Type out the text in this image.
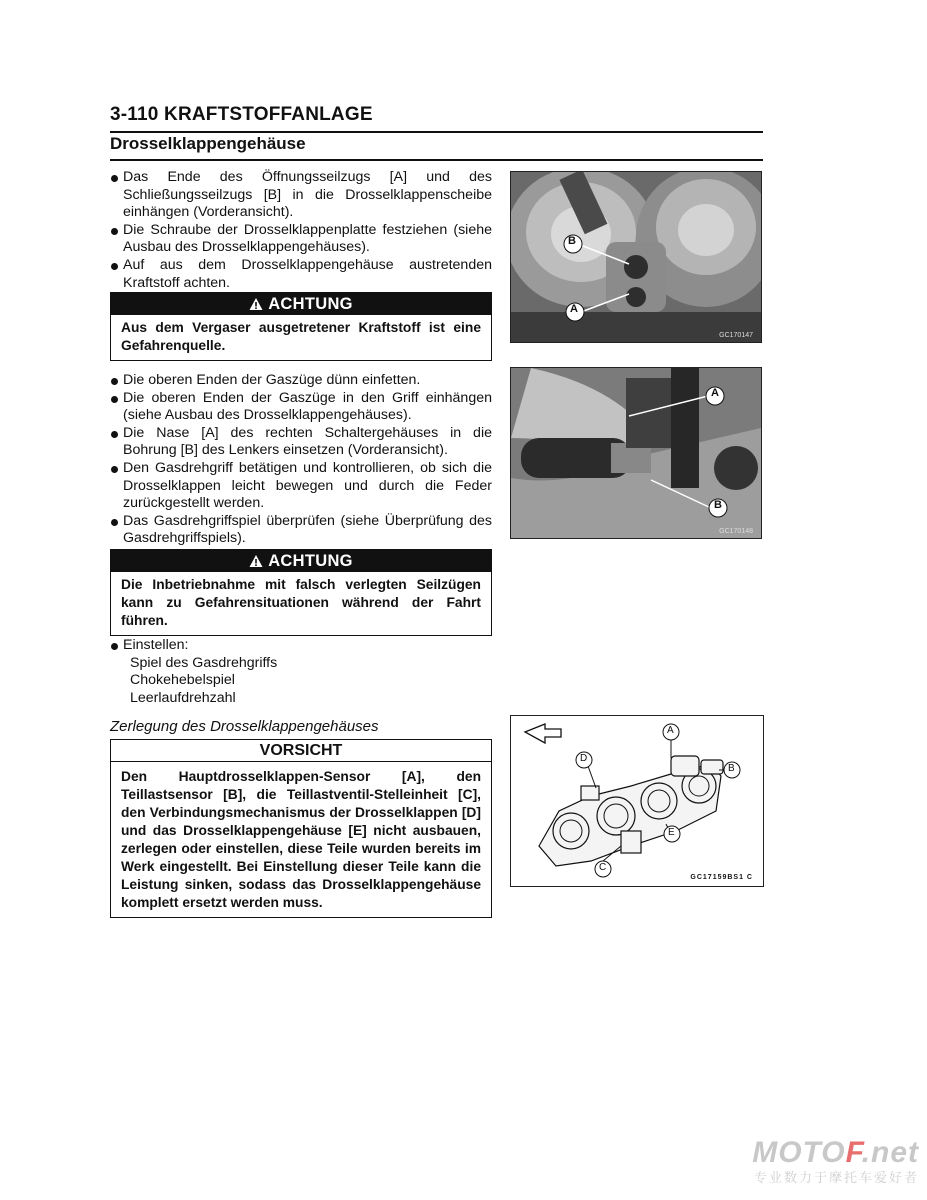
3-110 KRAFTSTOFFANLAGE
Drosselklappengehäuse

Das Ende des Öffnungsseilzugs [A] und des Schließungsseilzugs [B] in die Drosselklappenscheibe einhängen (Vorderansicht).

Die Schraube der Drosselklappenplatte festziehen (siehe Ausbau des Drosselklappengehäuses).

Auf aus dem Drosselklappengehäuse austretenden Kraftstoff achten.

ACHTUNG
Aus dem Vergaser ausgetretener Kraftstoff ist eine Gefahrenquelle.

Die oberen Enden der Gaszüge dünn einfetten.

Die oberen Enden der Gaszüge in den Griff einhängen (siehe Ausbau des Drosselklappengehäuses).

Die Nase [A] des rechten Schaltergehäuses in die Bohrung [B] des Lenkers einsetzen (Vorderansicht).

Den Gasdrehgriff betätigen und kontrollieren, ob sich die Drosselklappen leicht bewegen und durch die Feder zurückgestellt werden.

Das Gasdrehgriffspiel überprüfen (siehe Überprüfung des Gasdrehgriffspiels).

ACHTUNG
Die Inbetriebnahme mit falsch verlegten Seilzügen kann zu Gefahrensituationen während der Fahrt führen.

Einstellen:

Spiel des Gasdrehgriffs
Chokehebelspiel
Leerlaufdrehzahl
Zerlegung des Drosselklappengehäuses
VORSICHT
Den Hauptdrosselklappen-Sensor [A], den Teillastsensor [B], die Teillastventil-Stelleinheit [C], den Verbindungsmechanismus der Drosselklappen [D] und das Drosselklappengehäuse [E] nicht ausbauen, zerlegen oder einstellen, diese Teile wurden bereits im Werk eingestellt. Bei Einstellung dieser Teile kann die Leistung sinken, sodass das Drosselklappengehäuse komplett ersetzt werden muss.
B
A
GC170147
A
B
GC170148
A
B
C
D
E
GC17159BS1 C
MOTOF.net
专业数力于摩托车爱好者
